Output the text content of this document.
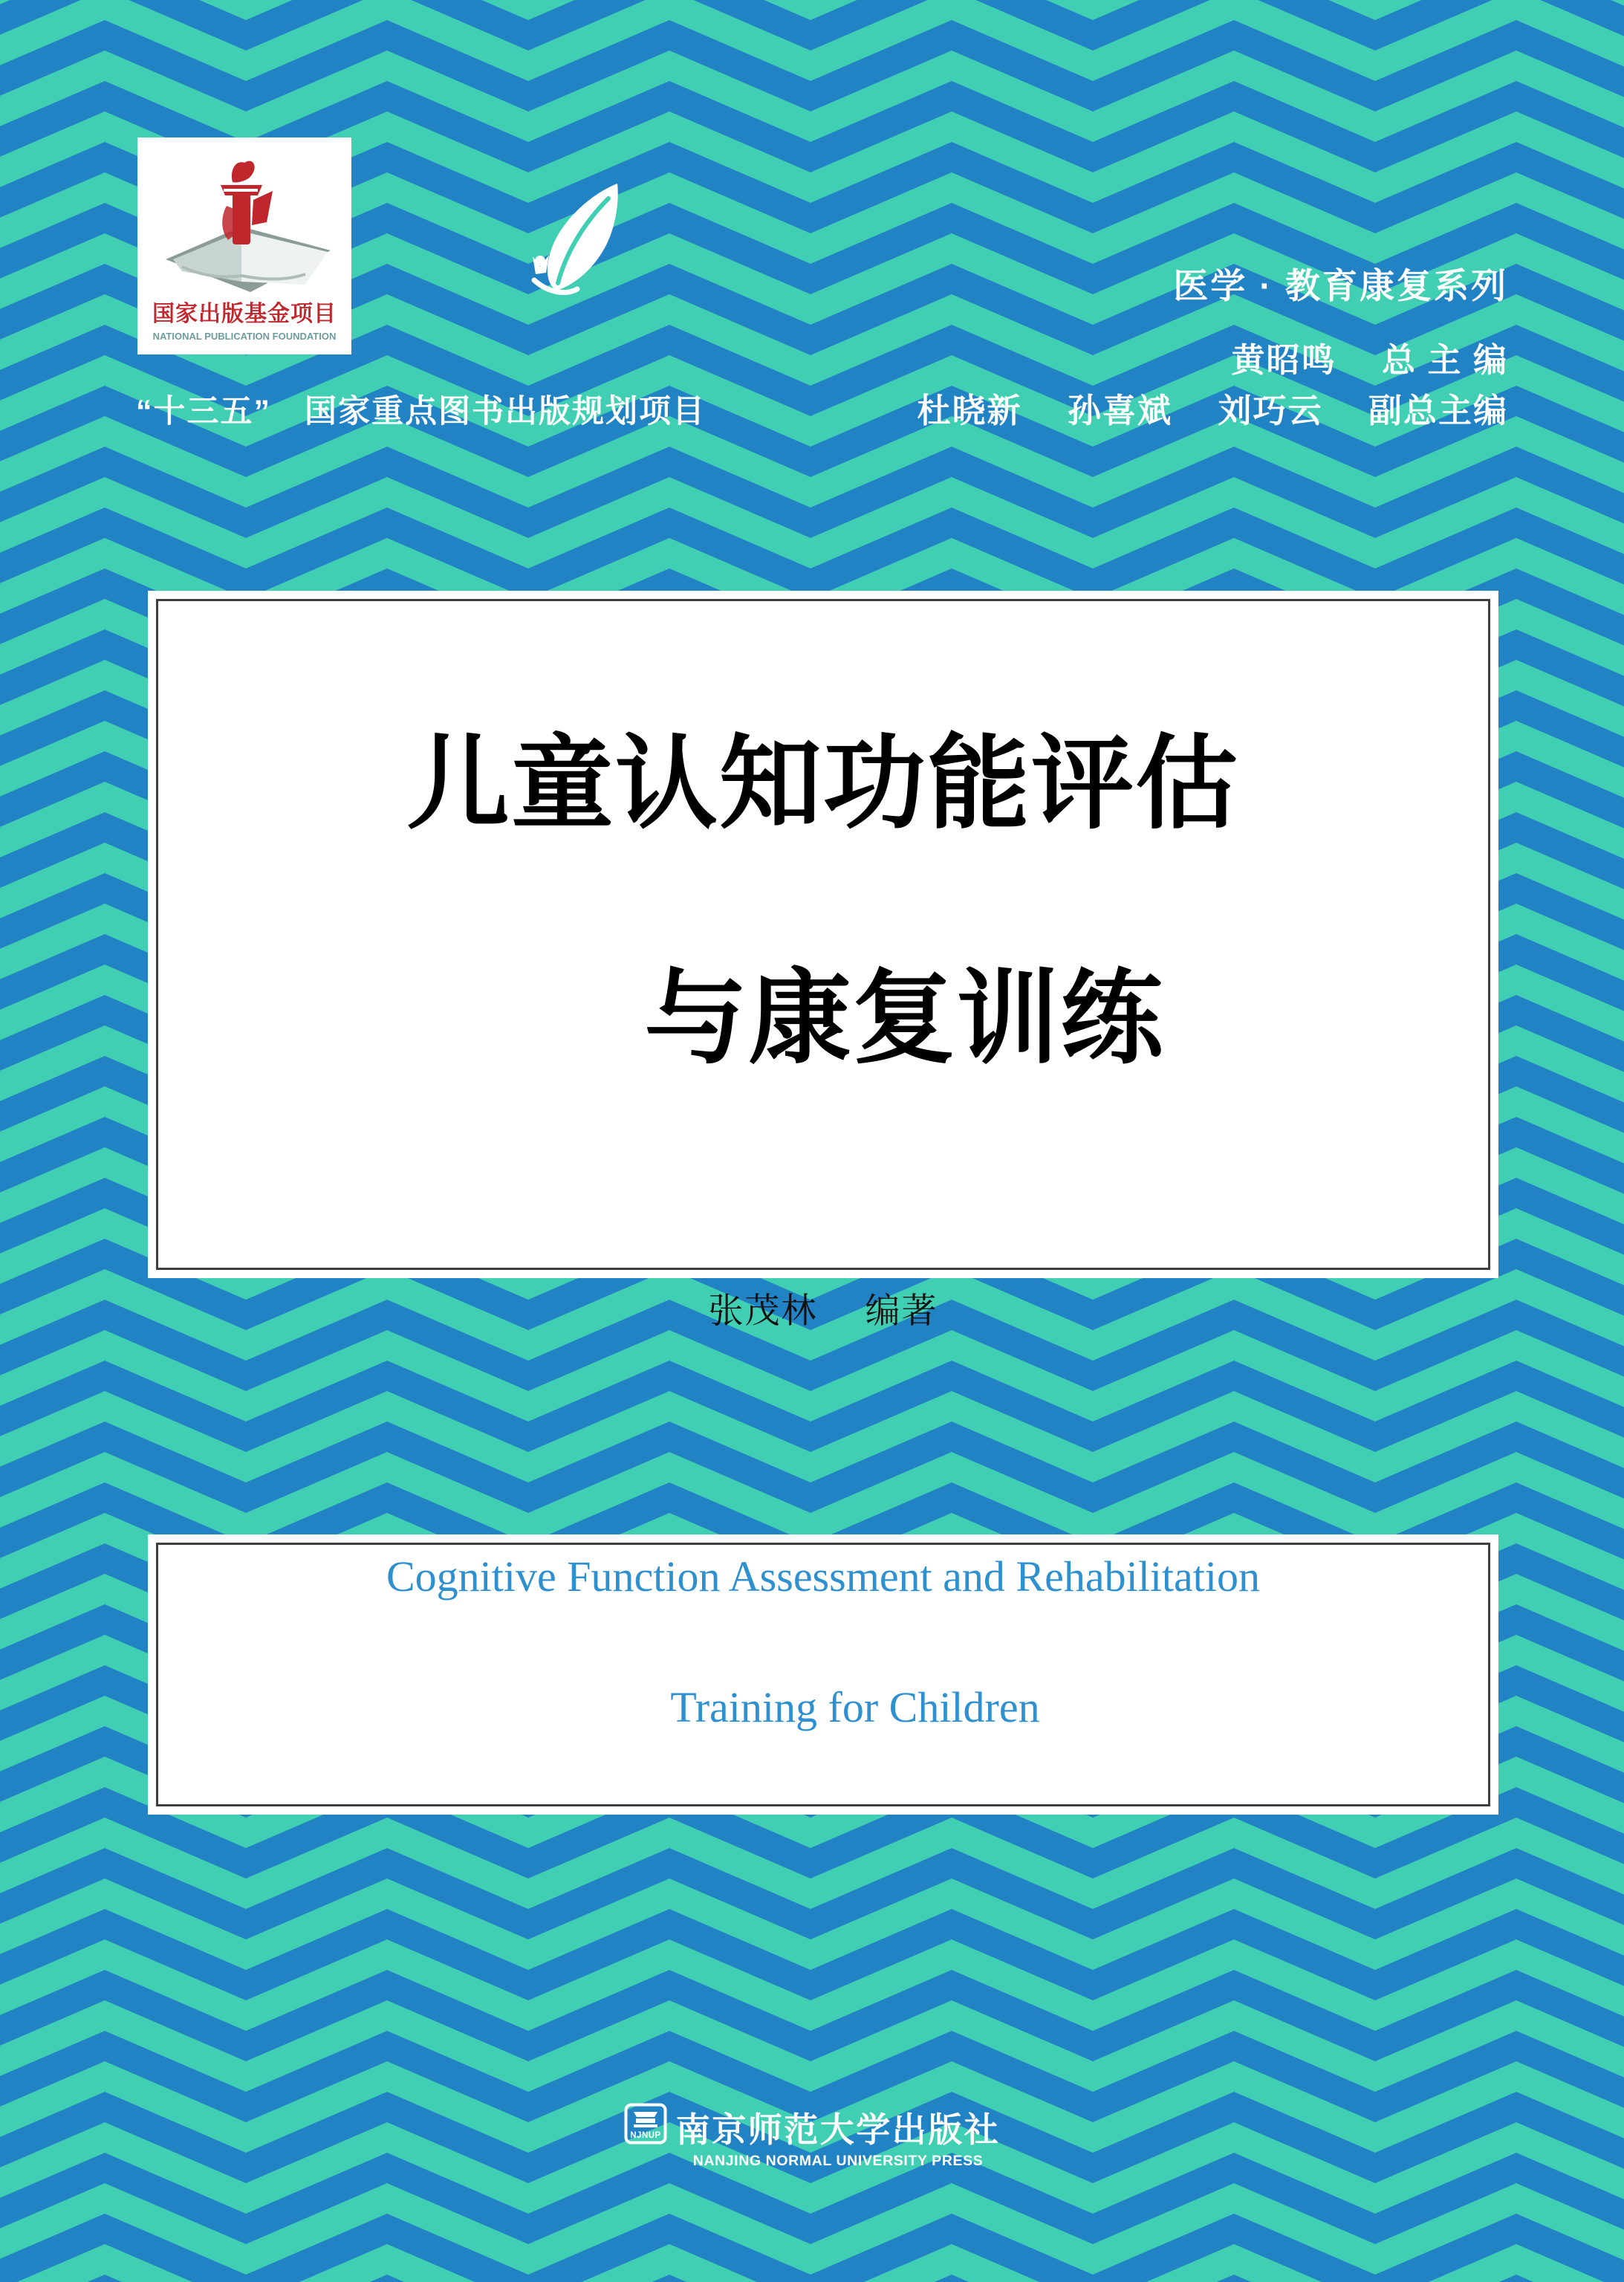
国家出版基金项目
NATIONAL PUBLICATION FOUNDATION
“十三五”　国家重点图书出版规划项目
医学 · 教育康复系列
黄昭鸣　 总 主 编
杜晓新　 孙喜斌　 刘巧云　 副总主编
儿童认知功能评估

与康复训练

张茂林　 编著
Cognitive Function Assessment and Rehabilitation

Training for Children

NJNUP 南京师范大学出版社
NANJING NORMAL UNIVERSITY PRESS
